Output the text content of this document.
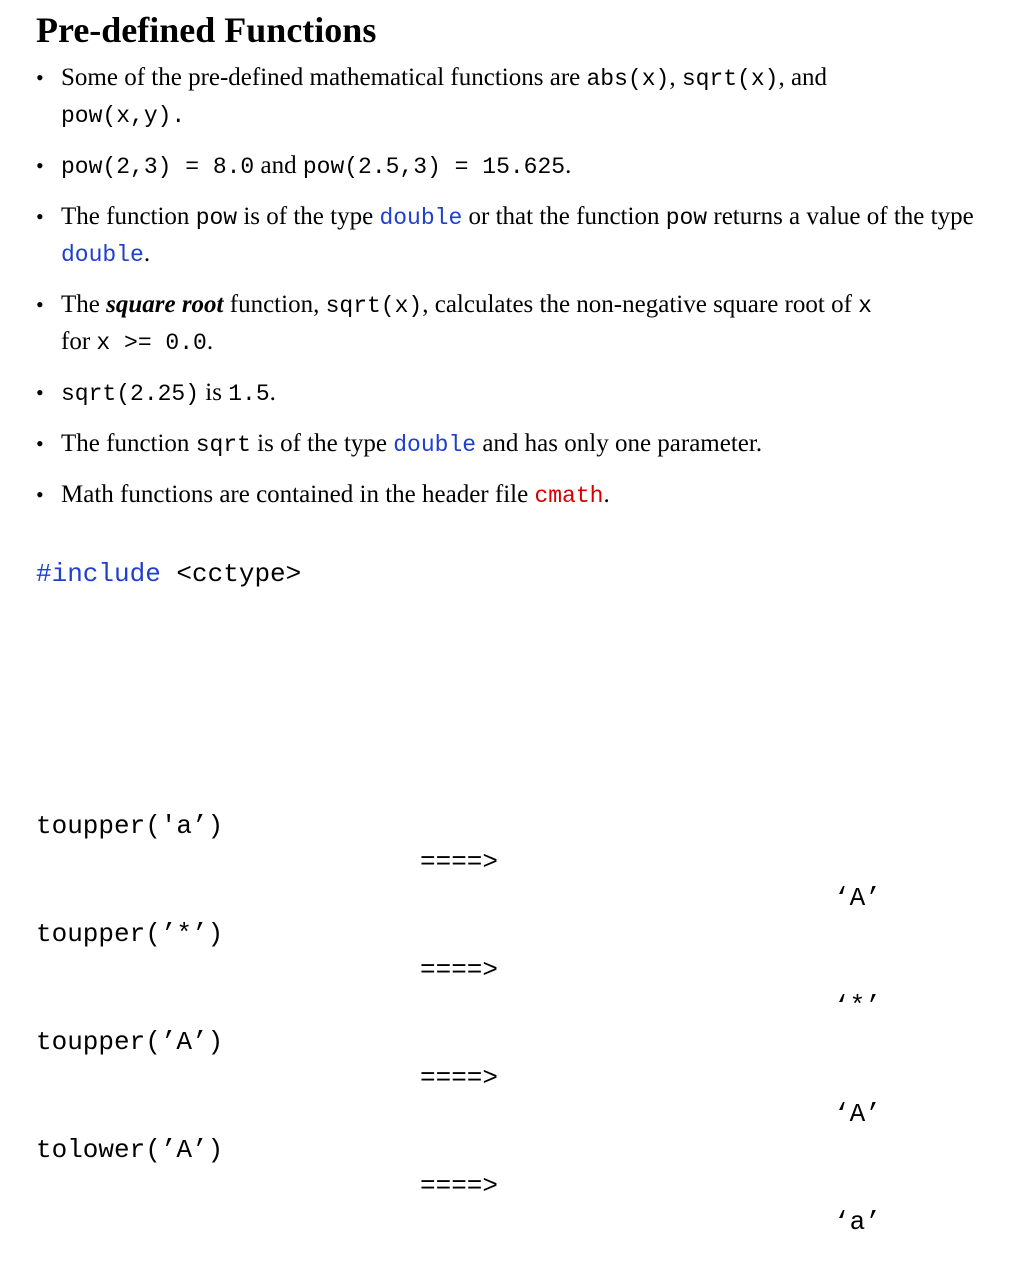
Pre-defined Functions
• Some of the pre-defined mathematical functions are abs(x), sqrt(x), and
pow(x,y).
• pow(2,3) = 8.0 and pow(2.5,3) = 15.625.
• The function pow is of the type double or that the function pow returns a value of the type double.
• The square root function, sqrt(x), calculates the non-negative square root of x
for x >= 0.0.
• sqrt(2.25) is 1.5.
• The function sqrt is of the type double and has only one parameter.
• Math functions are contained in the header file cmath.

#include <cctype>

toupper('a’)

====>

‘A’

toupper(’*’)

====>

‘*’

toupper(’A’)

====>

‘A’

tolower(’A’)

====>

‘a’
